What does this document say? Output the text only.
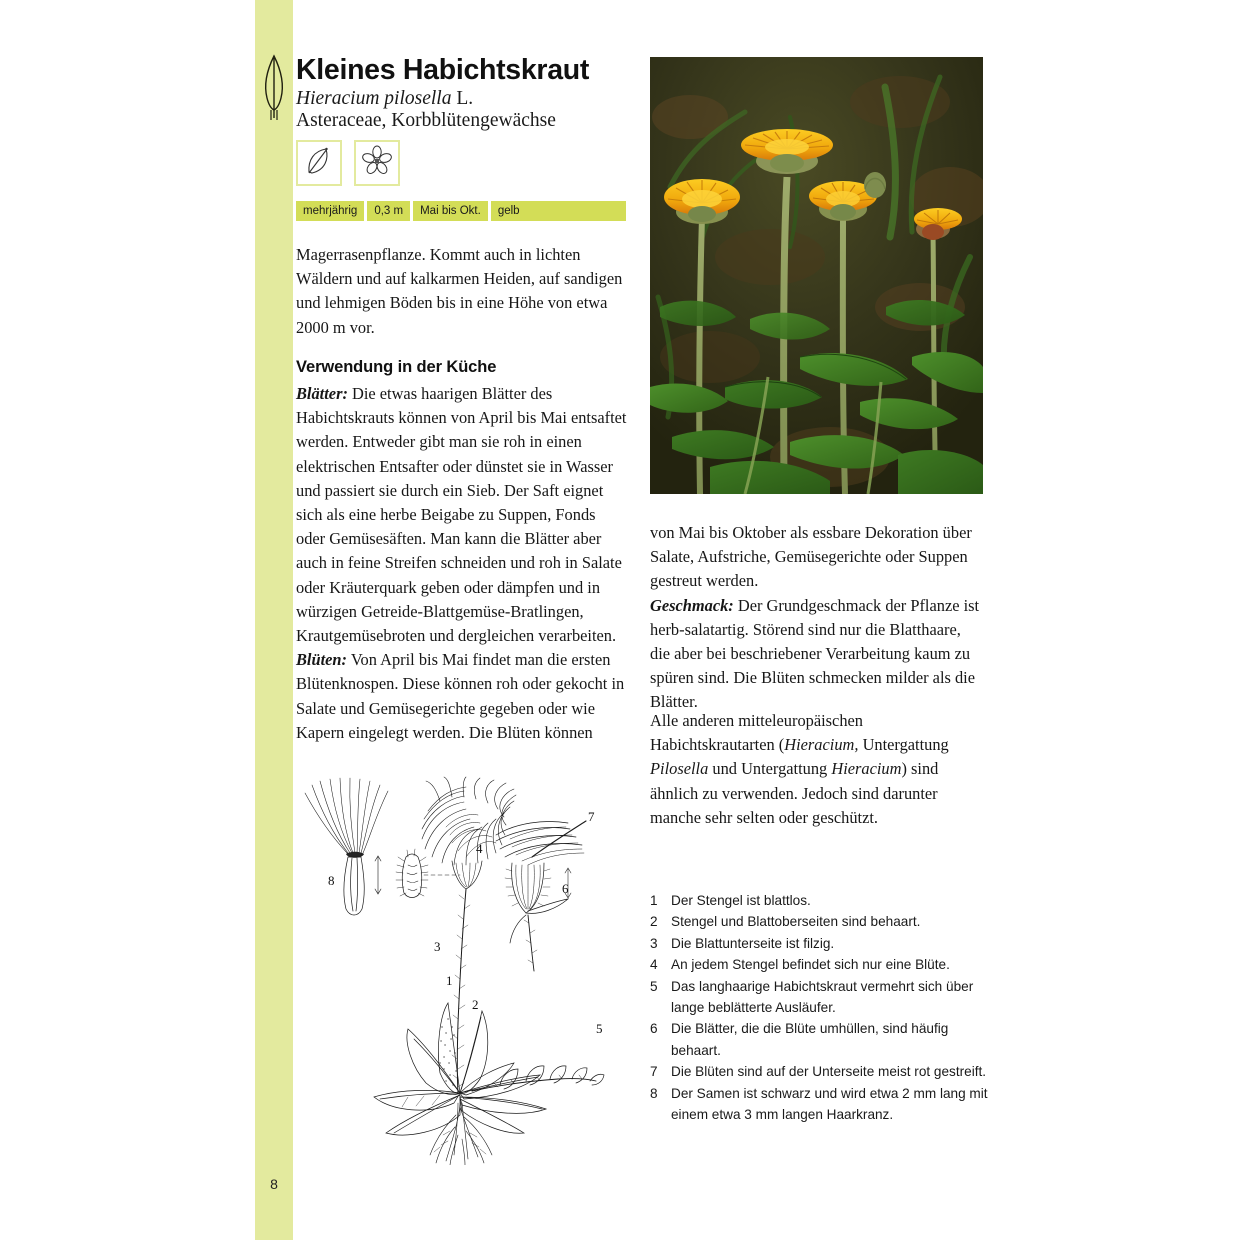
8
Kleines Habichtskraut
Hieracium pilosella L.
Asteraceae, Korbblütengewächse
mehrjährig	0,3 m	Mai bis Okt.	gelb

Magerrasenpflanze. Kommt auch in lichten Wäldern und auf kalkarmen Heiden, auf sandigen und lehmigen Böden bis in eine Höhe von etwa 2000 m vor.

Verwendung in der Küche

Blätter: Die etwas haarigen Blätter des Habichtskrauts können von April bis Mai entsaftet werden. Entweder gibt man sie roh in einen elektrischen Entsafter oder dünstet sie in Wasser und passiert sie durch ein Sieb. Der Saft eignet sich als eine herbe Beigabe zu Suppen, Fonds oder Gemüsesäften. Man kann die Blätter aber auch in feine Streifen schneiden und roh in Salate oder Kräuterquark geben oder dämpfen und in würzigen Getreide-Blattgemüse-Bratlingen, Krautgemüsebroten und dergleichen verarbeiten.

Blüten: Von April bis Mai findet man die ersten Blütenknospen. Diese können roh oder gekocht in Salate und Gemüsegerichte gegeben oder wie Kapern eingelegt werden. Die Blüten können

von Mai bis Oktober als essbare Dekoration über Salate, Aufstriche, Gemüsegerichte oder Suppen gestreut werden.

Geschmack: Der Grundgeschmack der Pflanze ist herb-salatartig. Störend sind nur die Blatthaare, die aber bei beschriebener Verarbeitung kaum zu spüren sind. Die Blüten schmecken milder als die Blätter.

Alle anderen mitteleuropäischen Habichtskrautarten (Hieracium, Untergattung Pilosella und Untergattung Hieracium) sind ähnlich zu verwenden. Jedoch sind darunter manche sehr selten oder geschützt.

8
1
2
4
5
6
7
3
1 Der Stengel ist blattlos.
2 Stengel und Blattoberseiten sind behaart.
3 Die Blattunterseite ist filzig.
4 An jedem Stengel befindet sich nur eine Blüte.
5 Das langhaarige Habichtskraut vermehrt sich über lange beblätterte Ausläufer.
6 Die Blätter, die die Blüte umhüllen, sind häufig behaart.
7 Die Blüten sind auf der Unterseite meist rot gestreift.
8 Der Samen ist schwarz und wird etwa 2 mm lang mit einem etwa 3 mm langen Haarkranz.
